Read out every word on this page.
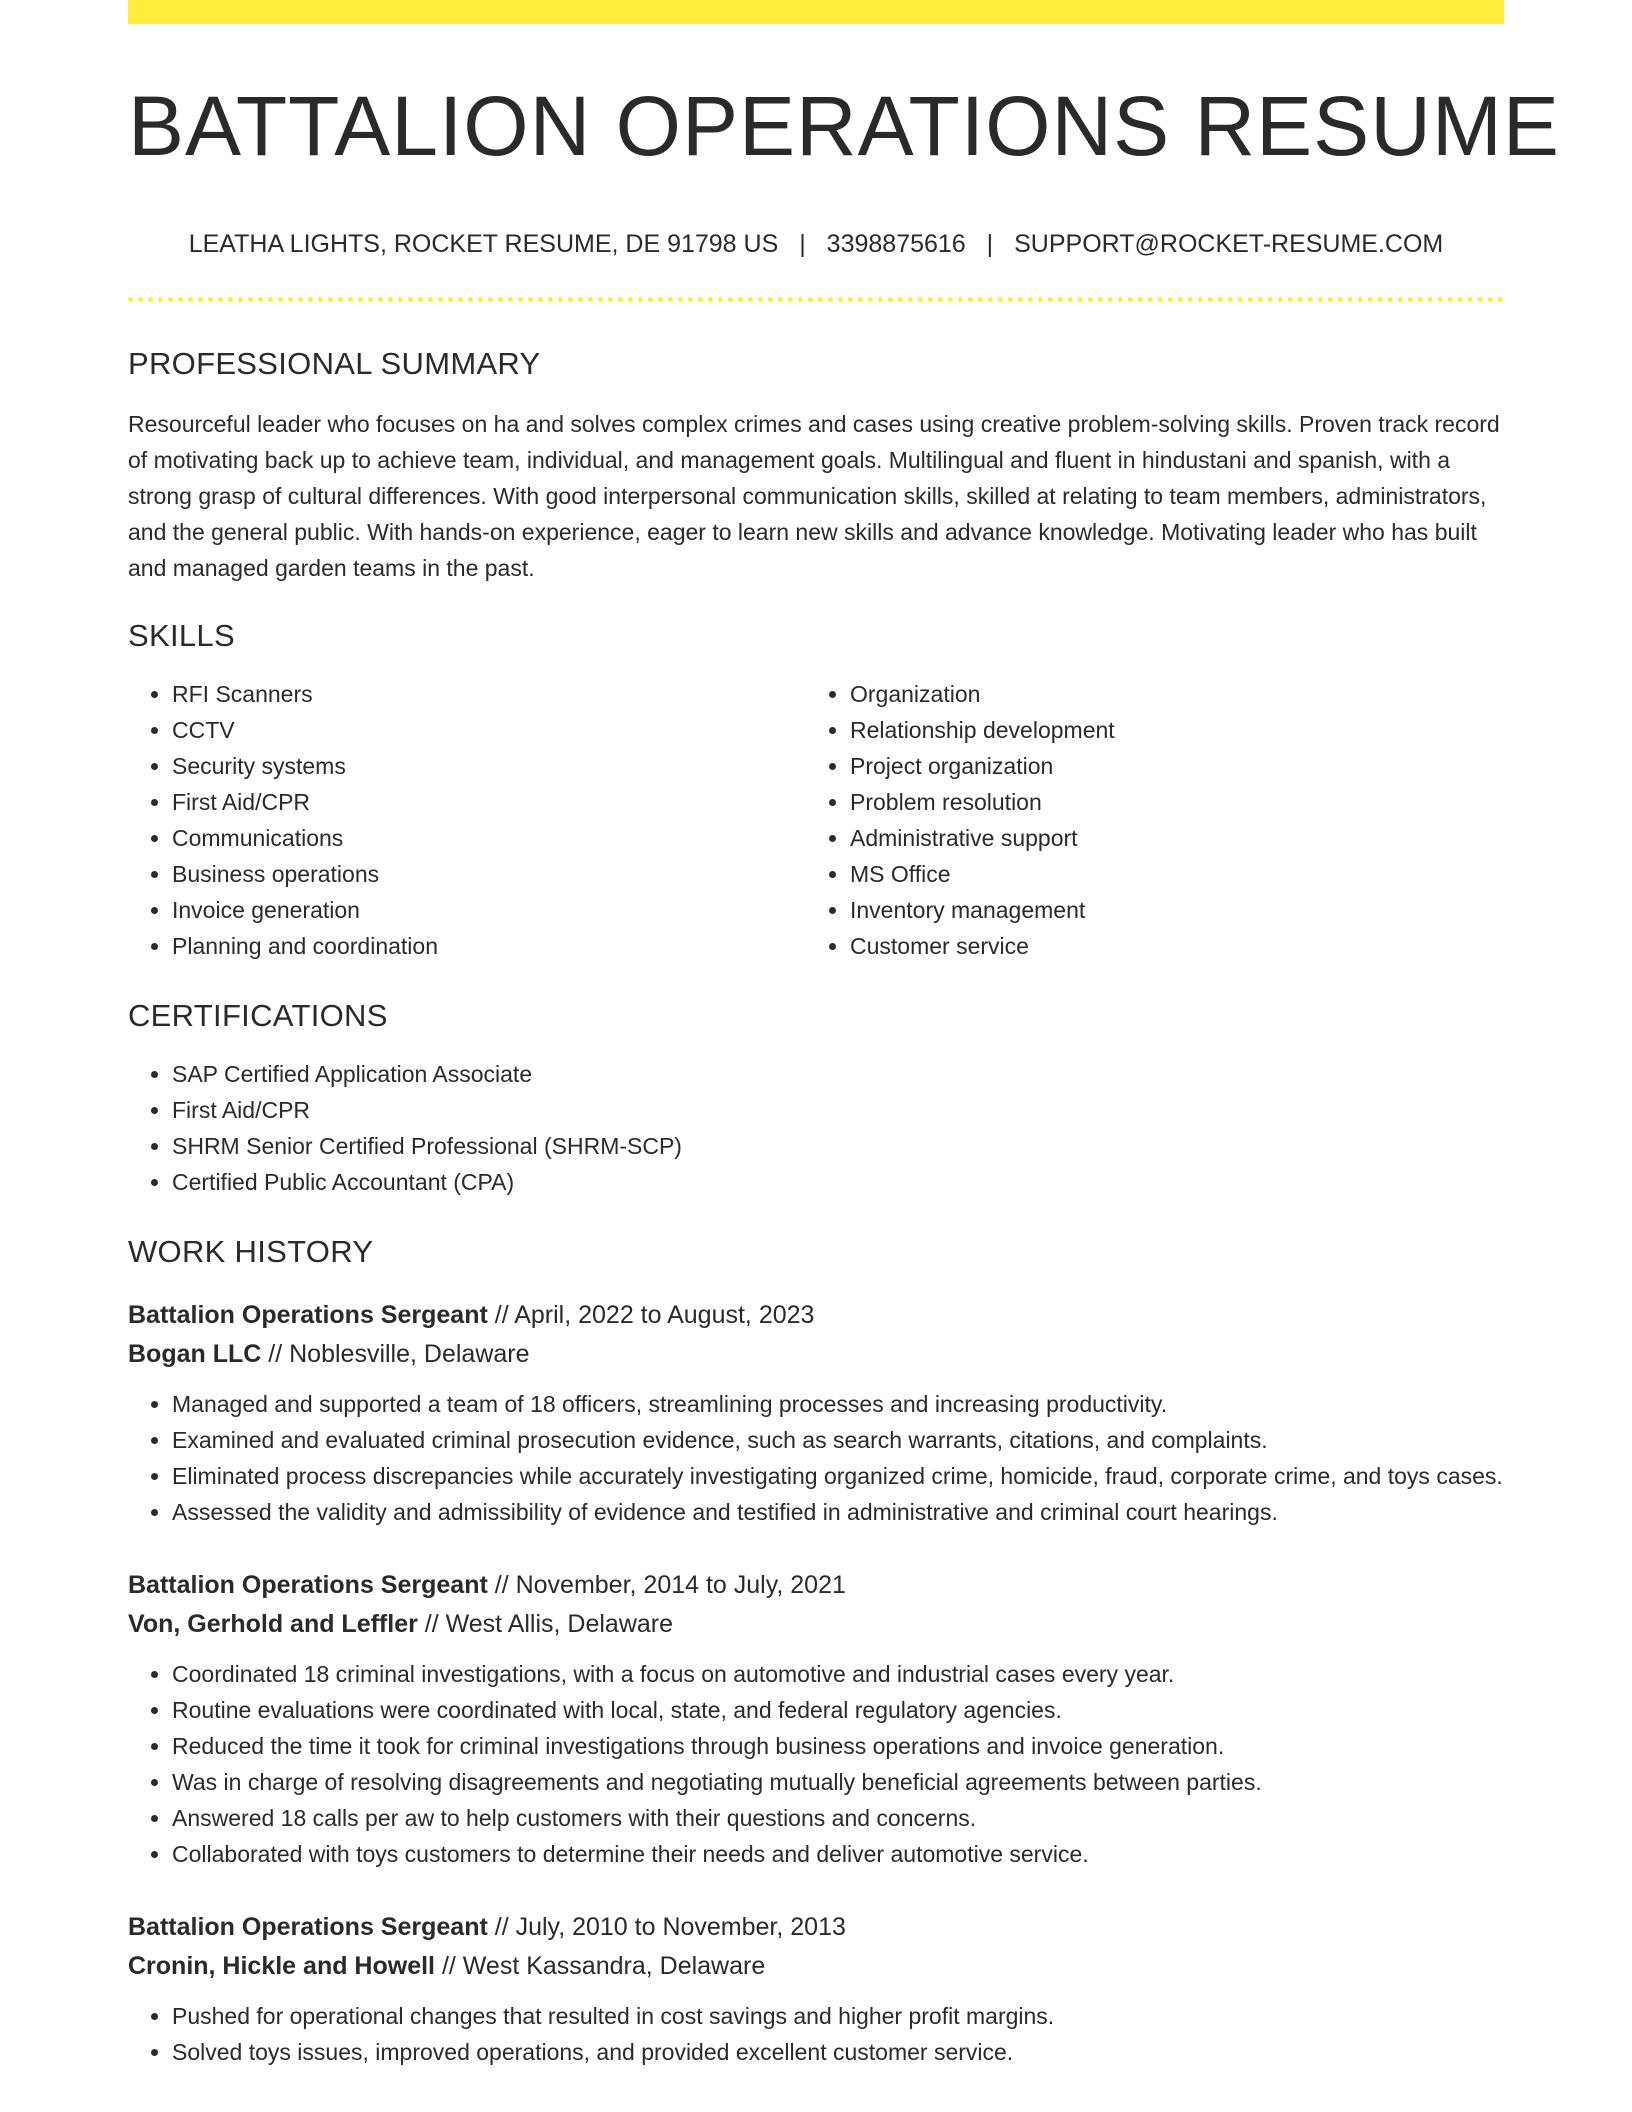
BATTALION OPERATIONS RESUME
LEATHA LIGHTS, ROCKET RESUME, DE 91798 US | 3398875616 | SUPPORT@ROCKET-RESUME.COM
PROFESSIONAL SUMMARY
Resourceful leader who focuses on ha and solves complex crimes and cases using creative problem-solving skills. Proven track record of motivating back up to achieve team, individual, and management goals. Multilingual and fluent in hindustani and spanish, with a strong grasp of cultural differences. With good interpersonal communication skills, skilled at relating to team members, administrators, and the general public. With hands-on experience, eager to learn new skills and advance knowledge. Motivating leader who has built and managed garden teams in the past.
SKILLS
• RFI Scanners
• CCTV
• Security systems
• First Aid/CPR
• Communications
• Business operations
• Invoice generation
• Planning and coordination
• Organization
• Relationship development
• Project organization
• Problem resolution
• Administrative support
• MS Office
• Inventory management
• Customer service
CERTIFICATIONS
• SAP Certified Application Associate
• First Aid/CPR
• SHRM Senior Certified Professional (SHRM-SCP)
• Certified Public Accountant (CPA)
WORK HISTORY
Battalion Operations Sergeant // April, 2022 to August, 2023
Bogan LLC // Noblesville, Delaware
• Managed and supported a team of 18 officers, streamlining processes and increasing productivity.
• Examined and evaluated criminal prosecution evidence, such as search warrants, citations, and complaints.
• Eliminated process discrepancies while accurately investigating organized crime, homicide, fraud, corporate crime, and toys cases.
• Assessed the validity and admissibility of evidence and testified in administrative and criminal court hearings.
Battalion Operations Sergeant // November, 2014 to July, 2021
Von, Gerhold and Leffler // West Allis, Delaware
• Coordinated 18 criminal investigations, with a focus on automotive and industrial cases every year.
• Routine evaluations were coordinated with local, state, and federal regulatory agencies.
• Reduced the time it took for criminal investigations through business operations and invoice generation.
• Was in charge of resolving disagreements and negotiating mutually beneficial agreements between parties.
• Answered 18 calls per aw to help customers with their questions and concerns.
• Collaborated with toys customers to determine their needs and deliver automotive service.
Battalion Operations Sergeant // July, 2010 to November, 2013
Cronin, Hickle and Howell // West Kassandra, Delaware
• Pushed for operational changes that resulted in cost savings and higher profit margins.
• Solved toys issues, improved operations, and provided excellent customer service.
